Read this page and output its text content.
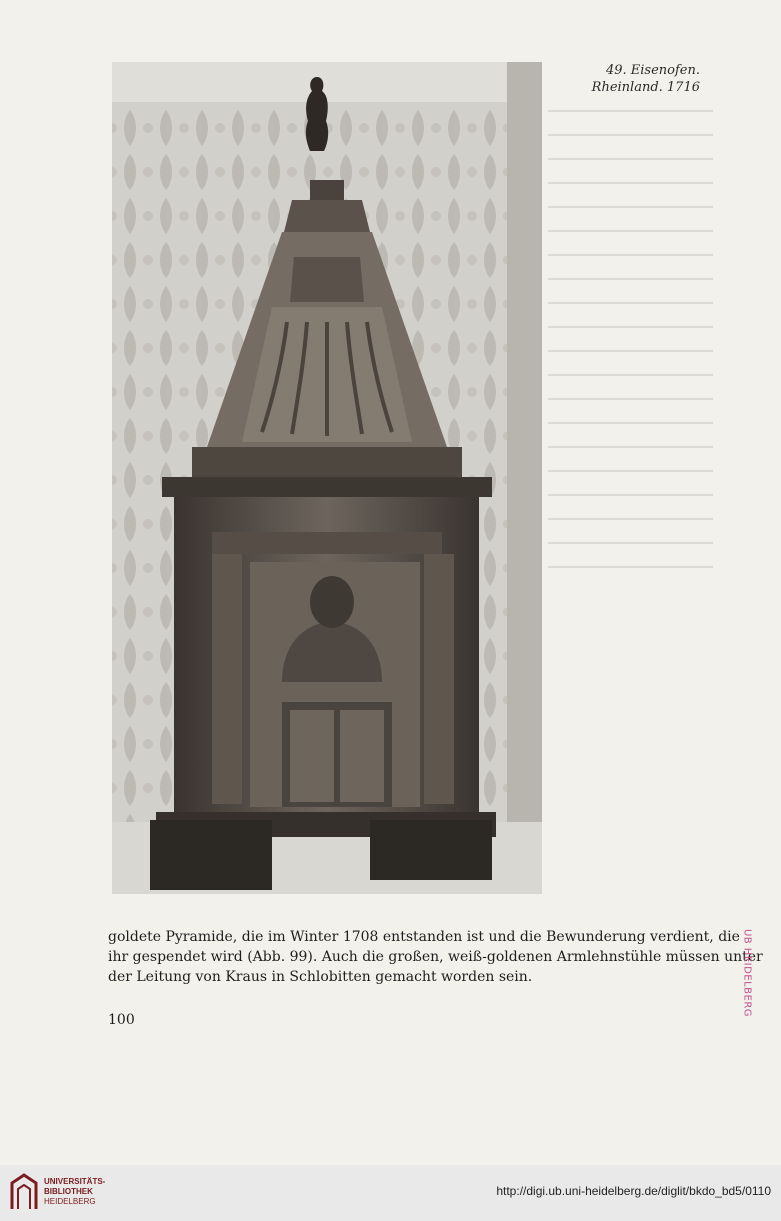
49. Eisenofen.
Rheinland. 1716
goldete Pyramide, die im Winter 1708 entstanden ist und die Bewunderung verdient, die
ihr gespendet wird (Abb. 99). Auch die großen, weiß-goldenen Armlehnstühle müssen unter
der Leitung von Kraus in Schlobitten gemacht worden sein.
100
UB HEIDELBERG
UNIVERSITÄTS-
BIBLIOTHEK
HEIDELBERG
http://digi.ub.uni-heidelberg.de/diglit/bkdo_bd5/0110
